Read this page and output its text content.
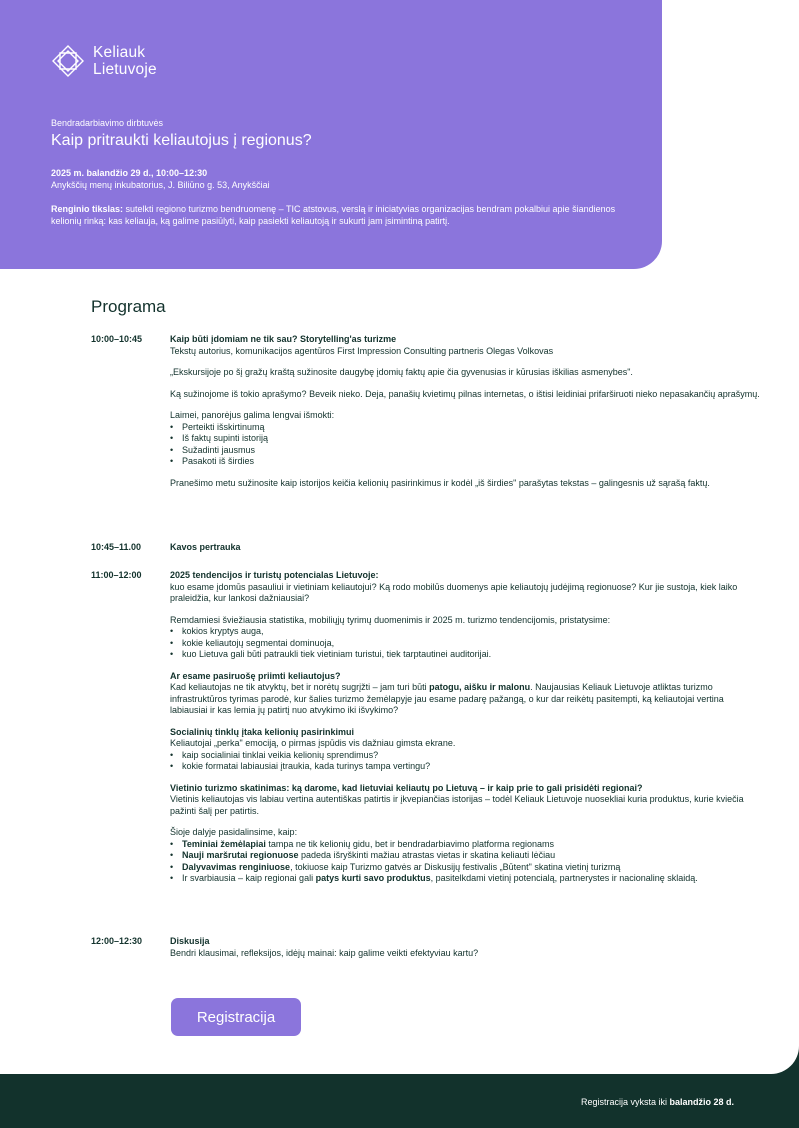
Keliauk
Lietuvoje
Bendradarbiavimo dirbtuvės
Kaip pritraukti keliautojus į regionus?
2025 m. balandžio 29 d., 10:00–12:30
Anykščių menų inkubatorius, J. Biliūno g. 53, Anykščiai
Renginio tikslas: sutelkti regiono turizmo bendruomenę – TIC atstovus, verslą ir iniciatyvias organizacijas bendram pokalbiui apie šiandienos kelionių rinką: kas keliauja, ką galime pasiūlyti, kaip pasiekti keliautoją ir sukurti jam įsimintiną patirtį.
Programa
10:00–10:45	Kaip būti įdomiam ne tik sau? Storytelling'as turizme

Tekstų autorius, komunikacijos agentūros First Impression Consulting partneris Olegas Volkovas

„Ekskursijoje po šį gražų kraštą sužinosite daugybę įdomių faktų apie čia gyvenusias ir kūrusias iškilias asmenybes".

Ką sužinojome iš tokio aprašymo? Beveik nieko. Deja, panašių kvietimų pilnas internetas, o ištisi leidiniai prifarširuoti nieko nepasakančių aprašymų.

Laimei, panorėjus galima lengvai išmokti:

• Perteikti išskirtinumą
• Iš faktų supinti istoriją
• Sužadinti jausmus
• Pasakoti iš širdies

Pranešimo metu sužinosite kaip istorijos keičia kelionių pasirinkimus ir kodėl „iš širdies" parašytas tekstas – galingesnis už sąrašą faktų.

10:45–11.00	Kavos pertrauka

11:00–12:00	2025 tendencijos ir turistų potencialas Lietuvoje:

kuo esame įdomūs pasauliui ir vietiniam keliautojui? Ką rodo mobilūs duomenys apie keliautojų judėjimą regionuose? Kur jie sustoja, kiek laiko praleidžia, kur lankosi dažniausiai?

Remdamiesi šviežiausia statistika, mobiliųjų tyrimų duomenimis ir 2025 m. turizmo tendencijomis, pristatysime:

• kokios kryptys auga,
• kokie keliautojų segmentai dominuoja,
• kuo Lietuva gali būti patraukli tiek vietiniam turistui, tiek tarptautinei auditorijai.

Ar esame pasiruošę priimti keliautojus?

Kad keliautojas ne tik atvyktų, bet ir norėtų sugrįžti – jam turi būti patogu, aišku ir malonu. Naujausias Keliauk Lietuvoje atliktas turizmo infrastruktūros tyrimas parodė, kur šalies turizmo žemėlapyje jau esame padarę pažangą, o kur dar reikėtų pasitempti, ką keliautojai vertina labiausiai ir kas lemia jų patirtį nuo atvykimo iki išvykimo?

Socialinių tinklų įtaka kelionių pasirinkimui

Keliautojai „perka" emociją, o pirmas įspūdis vis dažniau gimsta ekrane.

• kaip socialiniai tinklai veikia kelionių sprendimus?
• kokie formatai labiausiai įtraukia, kada turinys tampa vertingu?

Vietinio turizmo skatinimas: ką darome, kad lietuviai keliautų po Lietuvą – ir kaip prie to gali prisidėti regionai?

Vietinis keliautojas vis labiau vertina autentiškas patirtis ir įkvepiančias istorijas – todėl Keliauk Lietuvoje nuosekliai kuria produktus, kurie kviečia pažinti šalį per patirtis.

Šioje dalyje pasidalinsime, kaip:

• Teminiai žemėlapiai tampa ne tik kelionių gidu, bet ir bendradarbiavimo platforma regionams
• Nauji maršrutai regionuose padeda išryškinti mažiau atrastas vietas ir skatina keliauti lėčiau
• Dalyvavimas renginiuose, tokiuose kaip Turizmo gatvės ar Diskusijų festivalis „Būtent" skatina vietinį turizmą
• Ir svarbiausia – kaip regionai gali patys kurti savo produktus, pasitelkdami vietinį potencialą, partnerystes ir nacionalinę sklaidą.
12:00–12:30	Diskusija

Bendri klausimai, refleksijos, idėjų mainai: kaip galime veikti efektyviau kartu?

Registracija
Registracija vyksta iki balandžio 28 d.
